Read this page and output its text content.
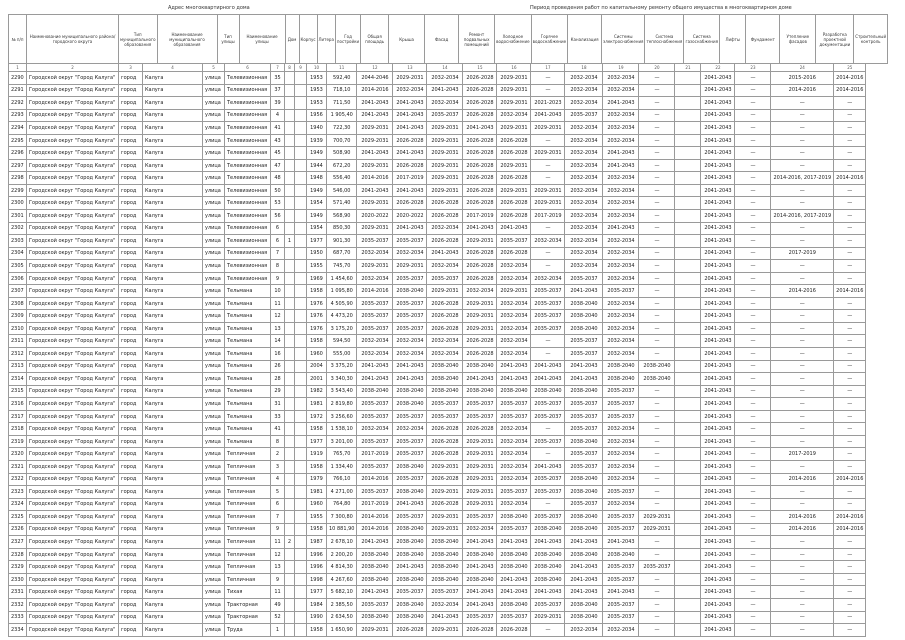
Адрес многоквартирного дома	Период проведения работ по капитальному ремонту общего имущества в многоквартирном доме
№ п/п	Наименование муниципального района/городского округа	Тип муниципального образования	Наименование муниципального образования	Тип улицы	Наименование улицы	Дом	Корпус	Литера	Год постройки	Общая площадь	Крыша	Фасад	Ремонт подвальных помещений	Холодное водоснабжение	Горячее водоснабжение	Канализация	Системы электроснабжения	Система теплоснабжения	Система газоснабжения	Лифты	Фундамент	Утепление фасадов	Разработка проектной документации	Строительный контроль
1	2	3	4	5	6	7	8	9	10	11	12	13	14	15	16	17	18	19	20	21	22	23	24	25
2290	Городской округ "Город Калуга"	город	Калуга	улица	Телевизионная	35			1953	592,40	2044-2046	2029-2031	2032-2034	2026-2028	2029-2031	—	2032-2034	2032-2034	—		2041-2043	—	2015-2016	2014-2016
2291	Городской округ "Город Калуга"	город	Калуга	улица	Телевизионная	37			1953	718,10	2014-2016	2032-2034	2041-2043	2026-2028	2029-2031	—	2032-2034	2032-2034	—		2041-2043	—	2014-2016	2014-2016
2292	Городской округ "Город Калуга"	город	Калуга	улица	Телевизионная	39			1953	711,50	2041-2043	2041-2043	2032-2034	2026-2028	2029-2031	2021-2023	2032-2034	2041-2043	—		2041-2043	—	—	—
2293	Городской округ "Город Калуга"	город	Калуга	улица	Телевизионная	4			1956	1 905,40	2041-2043	2041-2043	2035-2037	2026-2028	2032-2034	2041-2043	2035-2037	2032-2034	—		2041-2043	—	—	—
2294	Городской округ "Город Калуга"	город	Калуга	улица	Телевизионная	41			1940	722,30	2029-2031	2041-2043	2029-2031	2041-2043	2029-2031	2029-2031	2032-2034	2032-2034	—		2041-2043	—	—	—
2295	Городской округ "Город Калуга"	город	Калуга	улица	Телевизионная	43			1939	700,70	2029-2031	2026-2028	2029-2031	2026-2028	2026-2028	—	2032-2034	2032-2034	—		2041-2043	—	—	—
2296	Городской округ "Город Калуга"	город	Калуга	улица	Телевизионная	45			1949	508,90	2041-2043	2041-2043	2029-2031	2026-2028	2026-2028	2029-2031	2032-2034	2041-2043	—		2041-2043	—	—	—
2297	Городской округ "Город Калуга"	город	Калуга	улица	Телевизионная	47			1944	672,20	2029-2031	2026-2028	2029-2031	2026-2028	2029-2031	—	2032-2034	2041-2043	—		2041-2043	—	—	—
2298	Городской округ "Город Калуга"	город	Калуга	улица	Телевизионная	48			1948	556,40	2014-2016	2017-2019	2029-2031	2026-2028	2026-2028	—	2032-2034	2032-2034	—		2041-2043	—	2014-2016, 2017-2019	2014-2016
2299	Городской округ "Город Калуга"	город	Калуга	улица	Телевизионная	50			1949	546,00	2041-2043	2041-2043	2029-2031	2026-2028	2029-2031	2029-2031	2032-2034	2032-2034	—		2041-2043	—	—	—
2300	Городской округ "Город Калуга"	город	Калуга	улица	Телевизионная	53			1954	571,40	2029-2031	2026-2028	2026-2028	2026-2028	2026-2028	2029-2031	2032-2034	2032-2034	—		2041-2043	—	—	—
2301	Городской округ "Город Калуга"	город	Калуга	улица	Телевизионная	56			1949	568,90	2020-2022	2020-2022	2026-2028	2017-2019	2026-2028	2017-2019	2032-2034	2032-2034	—		2041-2043	—	2014-2016, 2017-2019	—
2302	Городской округ "Город Калуга"	город	Калуга	улица	Телевизионная	6			1954	850,30	2029-2031	2041-2043	2032-2034	2041-2043	2041-2043	—	2032-2034	2041-2043	—		2041-2043	—	—	—
2303	Городской округ "Город Калуга"	город	Калуга	улица	Телевизионная	6	1		1977	901,30	2035-2037	2035-2037	2026-2028	2029-2031	2035-2037	2032-2034	2032-2034	2032-2034	—		2041-2043	—	—	—
2304	Городской округ "Город Калуга"	город	Калуга	улица	Телевизионная	7			1950	687,70	2032-2034	2032-2034	2041-2043	2026-2028	2026-2028	—	2032-2034	2032-2034	—		2041-2043	—	2017-2019	—
2305	Городской округ "Город Калуга"	город	Калуга	улица	Телевизионная	8			1955	745,70	2029-2031	2029-2031	2032-2034	2026-2028	2032-2034	—	2032-2034	2032-2034	—		2041-2043	—	—	—
2306	Городской округ "Город Калуга"	город	Калуга	улица	Телевизионная	9			1969	1 454,60	2032-2034	2035-2037	2035-2037	2026-2028	2032-2034	2032-2034	2035-2037	2032-2034	—		2041-2043	—	—	—
2307	Городской округ "Город Калуга"	город	Калуга	улица	Тельмана	10			1958	1 095,80	2014-2016	2038-2040	2029-2031	2032-2034	2029-2031	2035-2037	2041-2043	2035-2037	—		2041-2043	—	2014-2016	2014-2016
2308	Городской округ "Город Калуга"	город	Калуга	улица	Тельмана	11			1976	4 505,90	2035-2037	2035-2037	2026-2028	2029-2031	2032-2034	2035-2037	2038-2040	2032-2034	—		2041-2043	—	—	—
2309	Городской округ "Город Калуга"	город	Калуга	улица	Тельмана	12			1976	4 473,20	2035-2037	2035-2037	2026-2028	2029-2031	2032-2034	2035-2037	2038-2040	2032-2034	—		2041-2043	—	—	—
2310	Городской округ "Город Калуга"	город	Калуга	улица	Тельмана	13			1976	3 175,20	2035-2037	2035-2037	2026-2028	2029-2031	2032-2034	2035-2037	2038-2040	2032-2034	—		2041-2043	—	—	—
2311	Городской округ "Город Калуга"	город	Калуга	улица	Тельмана	14			1958	594,50	2032-2034	2032-2034	2032-2034	2026-2028	2032-2034	—	2035-2037	2032-2034	—		2041-2043	—	—	—
2312	Городской округ "Город Калуга"	город	Калуга	улица	Тельмана	16			1960	555,00	2032-2034	2032-2034	2032-2034	2026-2028	2032-2034	—	2035-2037	2032-2034	—		2041-2043	—	—	—
2313	Городской округ "Город Калуга"	город	Калуга	улица	Тельмана	26			2004	3 375,20	2041-2043	2041-2043	2038-2040	2038-2040	2041-2043	2041-2043	2041-2043	2038-2040	2038-2040		2041-2043	—	—	—
2314	Городской округ "Город Калуга"	город	Калуга	улица	Тельмана	28			2001	3 340,30	2041-2043	2041-2043	2038-2040	2041-2043	2041-2043	2041-2043	2041-2043	2038-2040	2038-2040		2041-2043	—	—	—
2315	Городской округ "Город Калуга"	город	Калуга	улица	Тельмана	29			1982	3 543,40	2038-2040	2038-2040	2038-2040	2038-2040	2038-2040	2038-2040	2038-2040	2035-2037	—		2041-2043	—	—	—
2316	Городской округ "Город Калуга"	город	Калуга	улица	Тельмана	31			1981	2 819,80	2035-2037	2038-2040	2035-2037	2035-2037	2035-2037	2035-2037	2035-2037	2035-2037	—		2041-2043	—	—	—
2317	Городской округ "Город Калуга"	город	Калуга	улица	Тельмана	33			1972	3 256,60	2035-2037	2035-2037	2035-2037	2035-2037	2035-2037	2035-2037	2035-2037	2035-2037	—		2041-2043	—	—	—
2318	Городской округ "Город Калуга"	город	Калуга	улица	Тельмана	41			1958	1 538,10	2032-2034	2032-2034	2026-2028	2026-2028	2032-2034	—	2035-2037	2032-2034	—		2041-2043	—	—	—
2319	Городской округ "Город Калуга"	город	Калуга	улица	Тельмана	8			1977	3 201,00	2035-2037	2035-2037	2026-2028	2029-2031	2032-2034	2035-2037	2038-2040	2032-2034	—		2041-2043	—	—	—
2320	Городской округ "Город Калуга"	город	Калуга	улица	Тепличная	2			1919	765,70	2017-2019	2035-2037	2026-2028	2029-2031	2032-2034	—	2035-2037	2032-2034	—		2041-2043	—	2017-2019	—
2321	Городской округ "Город Калуга"	город	Калуга	улица	Тепличная	3			1958	1 334,40	2035-2037	2038-2040	2029-2031	2029-2031	2032-2034	2041-2043	2035-2037	2032-2034	—		2041-2043	—	—	—
2322	Городской округ "Город Калуга"	город	Калуга	улица	Тепличная	4			1979	766,10	2014-2016	2035-2037	2026-2028	2029-2031	2032-2034	2035-2037	2038-2040	2032-2034	—		2041-2043	—	2014-2016	2014-2016
2323	Городской округ "Город Калуга"	город	Калуга	улица	Тепличная	5			1981	4 271,00	2035-2037	2038-2040	2029-2031	2029-2031	2035-2037	2035-2037	2038-2040	2035-2037	—		2041-2043	—	—	—
2324	Городской округ "Город Калуга"	город	Калуга	улица	Тепличная	6			1960	764,80	2017-2019	2041-2043	2026-2028	2029-2031	2032-2034	—	2035-2037	2032-2034	—		2041-2043	—	—	—
2325	Городской округ "Город Калуга"	город	Калуга	улица	Тепличная	7			1955	7 300,80	2014-2016	2035-2037	2029-2031	2035-2037	2038-2040	2035-2037	2038-2040	2035-2037	2029-2031		2041-2043	—	2014-2016	2014-2016
2326	Городской округ "Город Калуга"	город	Калуга	улица	Тепличная	9			1958	10 881,90	2014-2016	2038-2040	2029-2031	2032-2034	2035-2037	2038-2040	2038-2040	2035-2037	2029-2031		2041-2043	—	2014-2016	2014-2016
2327	Городской округ "Город Калуга"	город	Калуга	улица	Тепличная	11	2		1987	2 678,10	2041-2043	2038-2040	2038-2040	2041-2043	2041-2043	2041-2043	2041-2043	2041-2043	—		2041-2043	—	—	—
2328	Городской округ "Город Калуга"	город	Калуга	улица	Тепличная	12			1996	2 200,20	2038-2040	2038-2040	2038-2040	2038-2040	2038-2040	2038-2040	2038-2040	2038-2040	—		2041-2043	—	—	—
2329	Городской округ "Город Калуга"	город	Калуга	улица	Тепличная	13			1996	4 814,30	2038-2040	2041-2043	2038-2040	2041-2043	2038-2040	2038-2040	2041-2043	2035-2037	2035-2037		2041-2043	—	—	—
2330	Городской округ "Город Калуга"	город	Калуга	улица	Тепличная	9			1998	4 267,60	2038-2040	2038-2040	2038-2040	2038-2040	2041-2043	2038-2040	2041-2043	2035-2037	—		2041-2043	—	—	—
2331	Городской округ "Город Калуга"	город	Калуга	улица	Тихая	11			1977	5 682,10	2041-2043	2035-2037	2035-2037	2041-2043	2041-2043	2041-2043	2041-2043	2041-2043	—		2041-2043	—	—	—
2332	Городской округ "Город Калуга"	город	Калуга	улица	Тракторная	49			1984	2 385,50	2035-2037	2038-2040	2032-2034	2041-2043	2038-2040	2035-2037	2038-2040	2035-2037	—		2041-2043	—	—	—
2333	Городской округ "Город Калуга"	город	Калуга	улица	Тракторная	52			1990	2 634,50	2038-2040	2038-2040	2041-2043	2035-2037	2035-2037	2029-2031	2038-2040	2035-2037	—		2041-2043	—	—	—
2334	Городской округ "Город Калуга"	город	Калуга	улица	Труда	1			1958	1 650,90	2029-2031	2026-2028	2029-2031	2026-2028	2026-2028	—	2032-2034	2032-2034	—		2041-2043	—	—	—
